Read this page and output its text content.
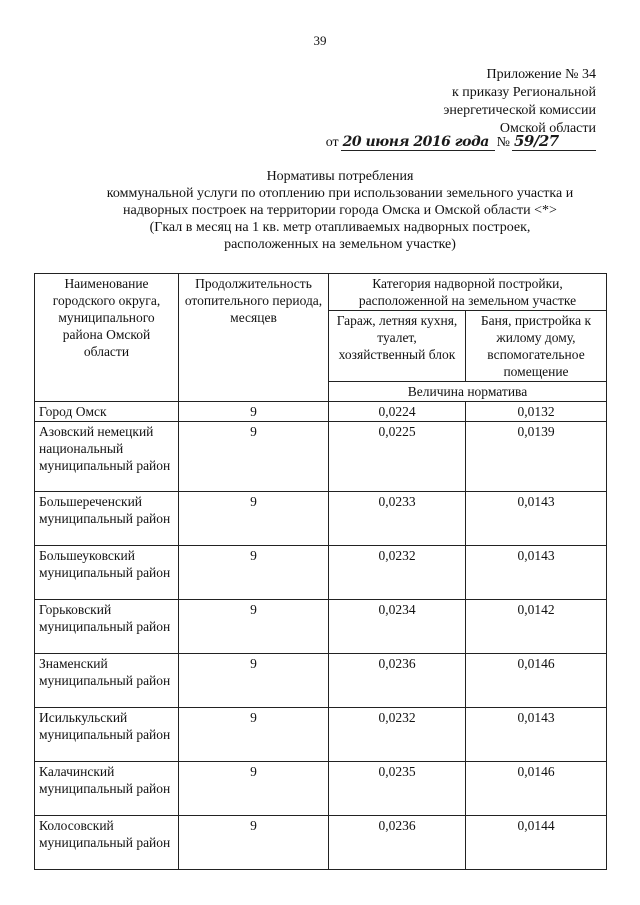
39
Приложение № 34
к приказу Региональной
энергетической комиссии
Омской области
от 20 июня 2016 года № 59/27
Нормативы потребления
коммунальной услуги по отоплению при использовании земельного участка и
надворных построек на территории города Омска и Омской области <*>
(Гкал в месяц на 1 кв. метр отапливаемых надворных построек,
расположенных на земельном участке)
Наименование городского округа, муниципального района Омской области	Продолжительность отопительного периода, месяцев	Категория надворной постройки, расположенной на земельном участке	
		Гараж, летняя кухня, туалет, хозяйственный блок	Баня, пристройка к жилому дому, вспомогательное помещение
		Величина норматива	
Город Омск	9	0,0224	0,0132
Азовский немецкий национальный муниципальный район	9	0,0225	0,0139
Большереченский муниципальный район	9	0,0233	0,0143
Большеуковский муниципальный район	9	0,0232	0,0143
Горьковский муниципальный район	9	0,0234	0,0142
Знаменский муниципальный район	9	0,0236	0,0146
Исилькульский муниципальный район	9	0,0232	0,0143
Калачинский муниципальный район	9	0,0235	0,0146
Колосовский муниципальный район	9	0,0236	0,0144
